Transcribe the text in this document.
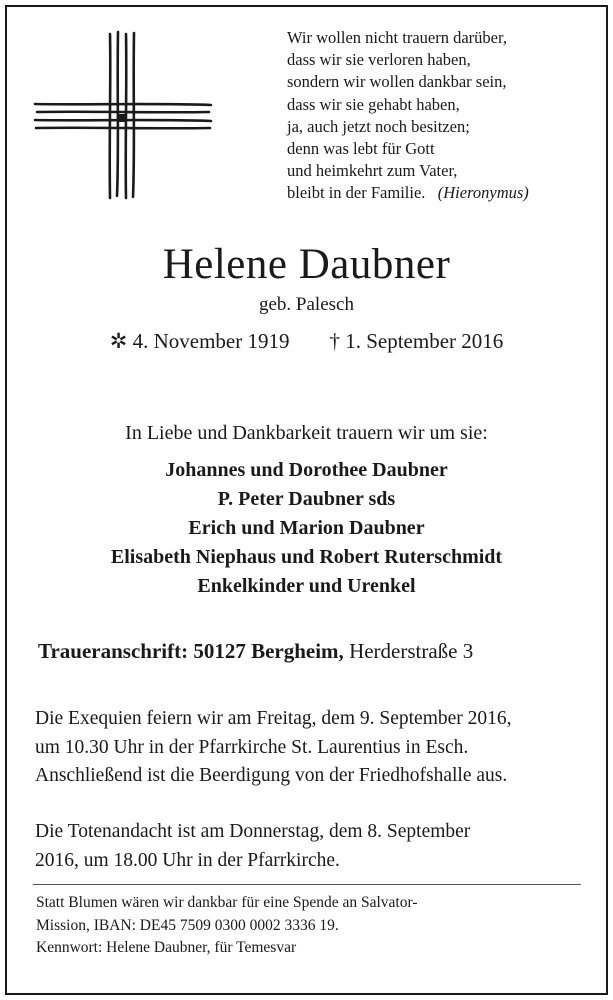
Wir wollen nicht trauern darüber,
dass wir sie verloren haben,
sondern wir wollen dankbar sein,
dass wir sie gehabt haben,
ja, auch jetzt noch besitzen;
denn was lebt für Gott
und heimkehrt zum Vater,
bleibt in der Familie. (Hieronymus)
Helene Daubner
geb. Palesch
✲ 4. November 1919 † 1. September 2016
In Liebe und Dankbarkeit trauern wir um sie:
Johannes und Dorothee Daubner
P. Peter Daubner sds
Erich und Marion Daubner
Elisabeth Niephaus und Robert Ruterschmidt
Enkelkinder und Urenkel
Traueranschrift: 50127 Bergheim, Herderstraße 3
Die Exequien feiern wir am Freitag, dem 9. September 2016,
um 10.30 Uhr in der Pfarrkirche St. Laurentius in Esch.
Anschließend ist die Beerdigung von der Friedhofshalle aus.
Die Totenandacht ist am Donnerstag, dem 8. September
2016, um 18.00 Uhr in der Pfarrkirche.
Statt Blumen wären wir dankbar für eine Spende an Salvator-
Mission, IBAN: DE45 7509 0300 0002 3336 19.
Kennwort: Helene Daubner, für Temesvar
